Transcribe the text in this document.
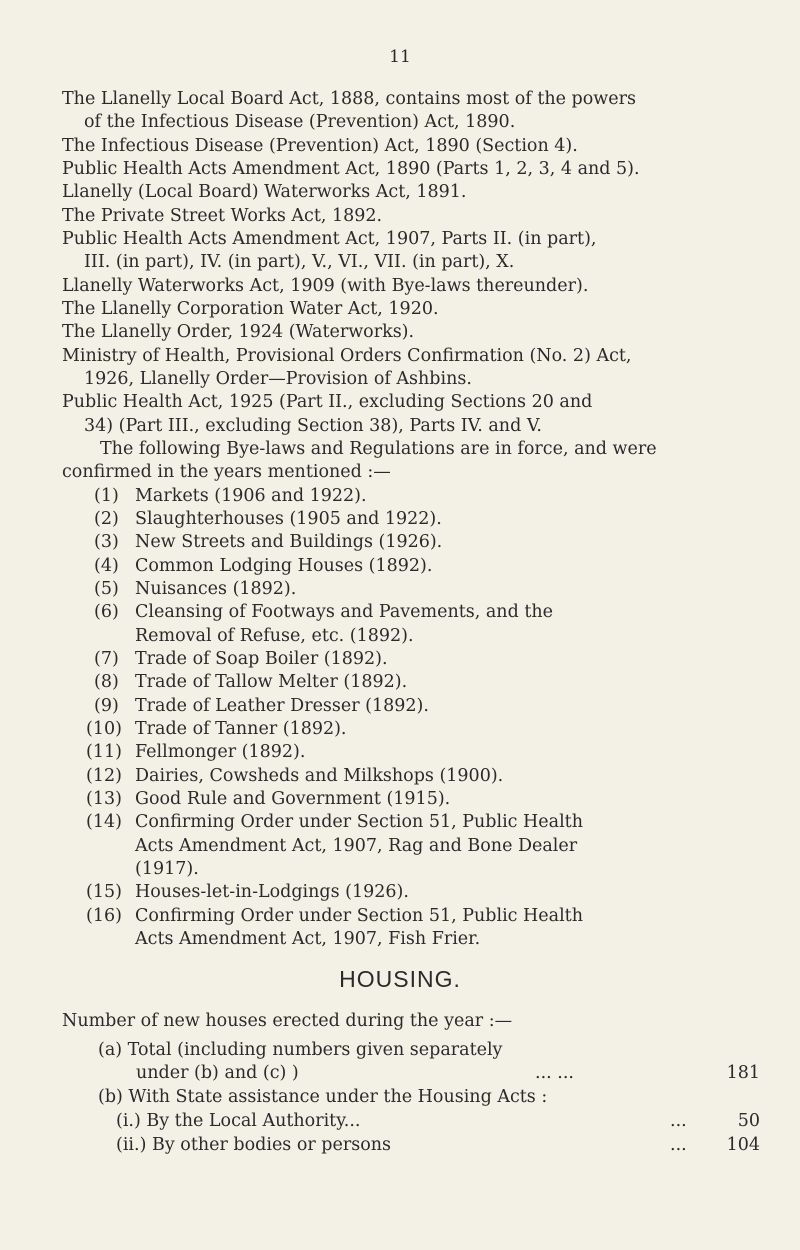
11
The Llanelly Local Board Act, 1888, contains most of the powers
of the Infectious Disease (Prevention) Act, 1890.
The Infectious Disease (Prevention) Act, 1890 (Section 4).
Public Health Acts Amendment Act, 1890 (Parts 1, 2, 3, 4 and 5).
Llanelly (Local Board) Waterworks Act, 1891.
The Private Street Works Act, 1892.
Public Health Acts Amendment Act, 1907, Parts II. (in part),
III. (in part), IV. (in part), V., VI., VII. (in part), X.
Llanelly Waterworks Act, 1909 (with Bye-laws thereunder).
The Llanelly Corporation Water Act, 1920.
The Llanelly Order, 1924 (Waterworks).
Ministry of Health, Provisional Orders Confirmation (No. 2) Act,
1926, Llanelly Order—Provision of Ashbins.
Public Health Act, 1925 (Part II., excluding Sections 20 and
34) (Part III., excluding Section 38), Parts IV. and V.
The following Bye-laws and Regulations are in force, and were
confirmed in the years mentioned :—
(1) Markets (1906 and 1922).
(2) Slaughterhouses (1905 and 1922).
(3) New Streets and Buildings (1926).
(4) Common Lodging Houses (1892).
(5) Nuisances (1892).
(6) Cleansing of Footways and Pavements, and the
Removal of Refuse, etc. (1892).
(7) Trade of Soap Boiler (1892).
(8) Trade of Tallow Melter (1892).
(9) Trade of Leather Dresser (1892).
(10) Trade of Tanner (1892).
(11) Fellmonger (1892).
(12) Dairies, Cowsheds and Milkshops (1900).
(13) Good Rule and Government (1915).
(14) Confirming Order under Section 51, Public Health
Acts Amendment Act, 1907, Rag and Bone Dealer
(1917).
(15) Houses-let-in-Lodgings (1926).
(16) Confirming Order under Section 51, Public Health
Acts Amendment Act, 1907, Fish Frier.
HOUSING.
Number of new houses erected during the year :—
(a) Total (including numbers given separately
under (b) and (c) )	... ...	181
(b) With State assistance under the Housing Acts :
(i.) By the Local Authority...	...	50
(ii.) By other bodies or persons	... 104
